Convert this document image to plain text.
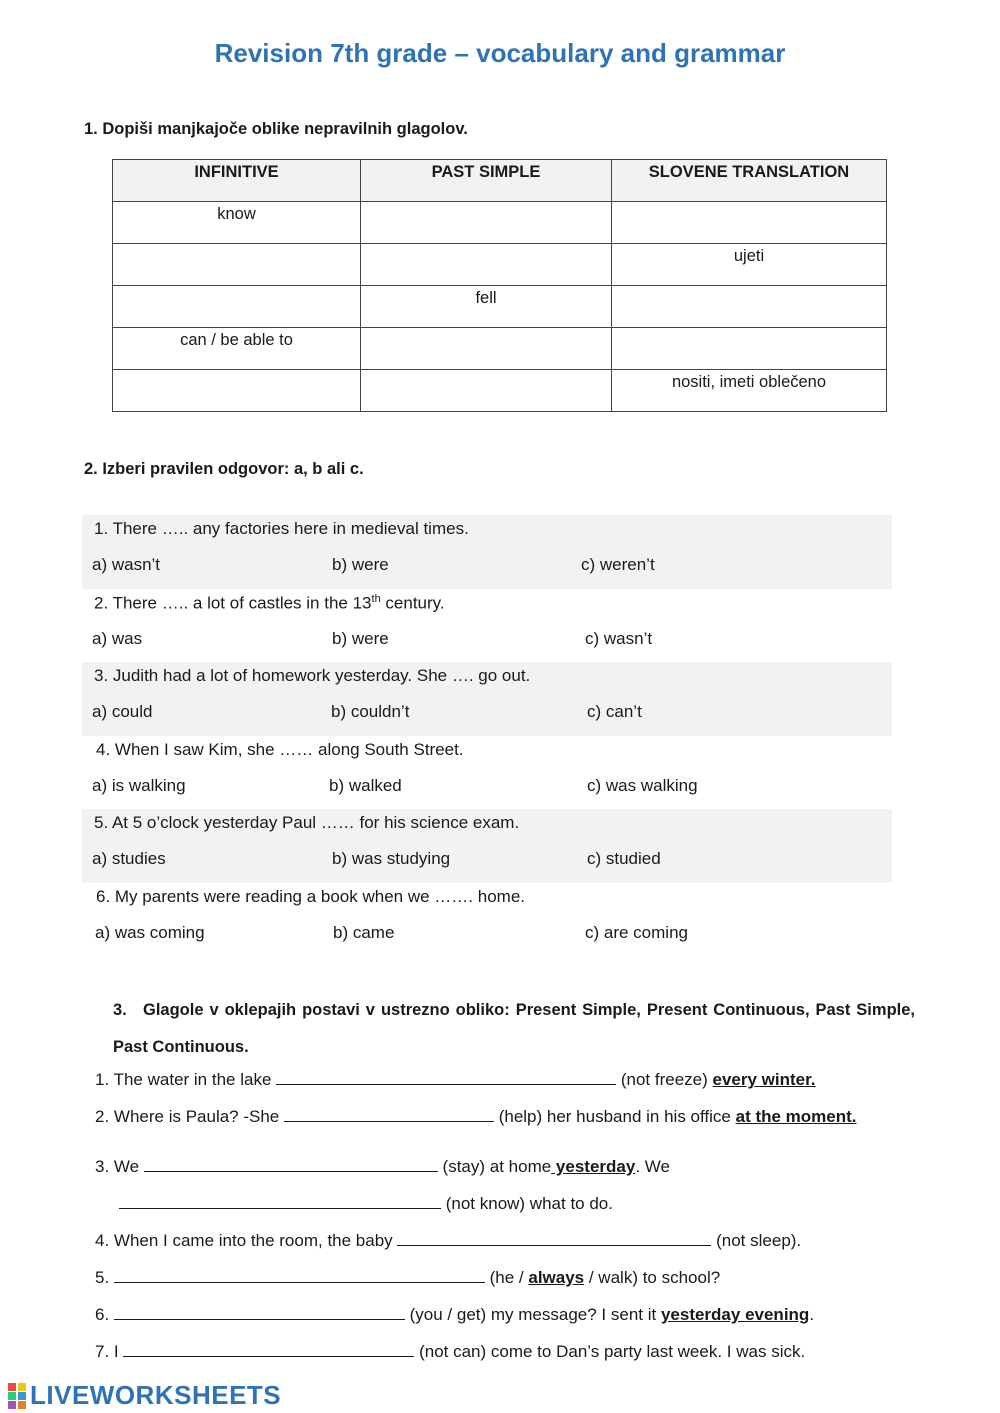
Revision 7th grade – vocabulary and grammar
1. Dopiši manjkajoče oblike nepravilnih glagolov.
INFINITIVE	PAST SIMPLE	SLOVENE TRANSLATION
know		
		ujeti
	fell	
can / be able to		
		nositi, imeti oblečeno
2. Izberi pravilen odgovor: a, b ali c.
1. There ….. any factories here in medieval times.
a) wasn’t	b) were	c) weren’t
2. There ….. a lot of castles in the 13th century.
a) was	b) were	c) wasn’t
3. Judith had a lot of homework yesterday. She …. go out.
a) could	b) couldn’t	c) can’t
4. When I saw Kim, she …… along South Street.
a) is walking	b) walked	c) was walking
5. At 5 o’clock yesterday Paul …… for his science exam.
a) studies	b) was studying	c) studied
6. My parents were reading a book when we ……. home.
a) was coming	b) came	c) are coming
3. Glagole v oklepajih postavi v ustrezno obliko: Present Simple, Present Continuous, Past Simple, Past Continuous.
1. The water in the lake	(not freeze) every winter.
2. Where is Paula? -She	(help) her husband in his office at the moment.
3. We	(stay) at home yesterday. We
(not know) what to do.
4. When I came into the room, the baby	(not sleep).
5.	(he / always / walk) to school?
6.	(you / get) my message? I sent it yesterday evening.
7. I	(not can) come to Dan’s party last week. I was sick.
LIVEWORKSHEETS
